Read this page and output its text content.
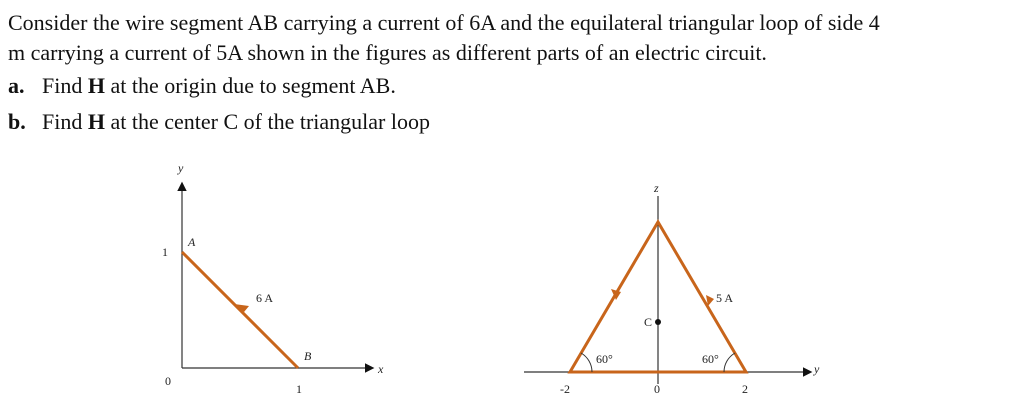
Consider the wire segment AB carrying a current of 6A and the equilateral triangular loop of side 4

m carrying a current of 5A shown in the figures as different parts of an electric circuit.

a. Find H at the origin due to segment AB.

b. Find H at the center C of the triangular loop

y
x
1
1
0
A
B
6 A
z
y
C
5 A
60°	60°
-2	0	2
